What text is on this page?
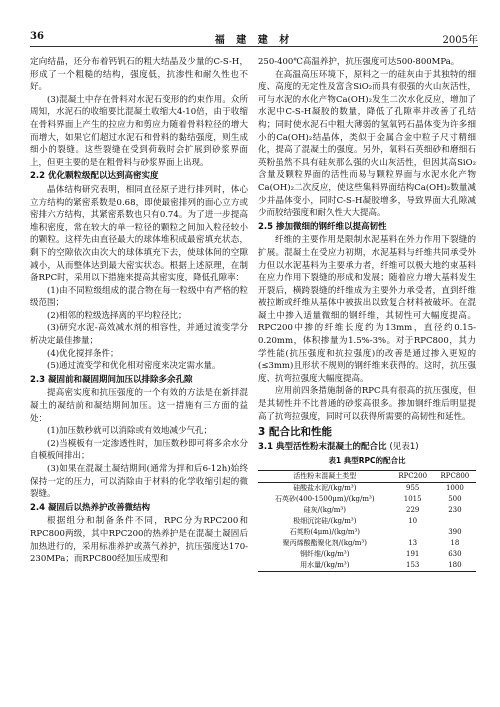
36	福 建 建 材	2005年

定向结晶，还分布着钙钒石的粗大结晶及少量的C-S-H，形成了一个粗糙的结构，强度低，抗渗性和耐久性也不好。

(3)混凝土中存在骨料对水泥石变形的约束作用。众所周知，水泥石的收缩要比混凝土收缩大4-10倍，由于收缩在骨料界面上产生的拉应力和剪应力随着骨料粒径的增大而增大，如果它们超过水泥石和骨料的黏结强度，则生成细小的裂缝。这些裂缝在受到荷载时会扩展到砂浆界面上，但更主要的是在粗骨料与砂浆界面上出现。

2.2 优化颗粒级配以达到高密实度

晶体结构研究表明，相同直径原子进行排列时，体心立方结构的紧密系数是0.68，即使最密排列的面心立方或密排六方结构，其紧密系数也只有0.74。为了进一步提高堆积密度，常在较大的单一粒径的颗粒之间加入粒径较小的颗粒。这样先由直径最大的球体堆积成最密填充状态，剩下的空隙依次由次大的球体填充下去，使球体间的空隙减小，从而整体达到最大密实状态。根据上述原理，在制备RPC时，采用以下措施来提高其密实度，降低孔隙率：

(1)由不同粒级组成的混合物在每一粒级中有严格的粒级范围；

(2)相邻的粒级选择离的平均粒径比；

(3)研究水泥-高效减水剂的相容性，并通过流变学分析决定最佳掺量；

(4)优化搅拌条件；

(5)通过流变学和优化相对密度来决定需水量。

2.3 凝固前和凝固期间加压以排除多余孔隙

提高密实度和抗压强度的一个有效的方法是在新拌混凝土的凝结前和凝结期间加压。这一措施有三方面的益处：

(1)加压数秒就可以消除或有效地减少气孔；

(2)当模板有一定渗透性时，加压数秒即可将多余水分自模板间排出；

(3)如果在混凝土凝结期间(通常为拌和后6-12h)始终保持一定的压力，可以消除由于材料的化学收缩引起的微裂缝。

2.4 凝固后以热养护改善微结构

根据组分和制备条件不同，RPC分为RPC200和RPC800两级，其中RPC200的热养护是在混凝土凝固后加热进行的，采用标准养护或蒸气养护，抗压强度达170-230MPa；而RPC800经加压成型和

250-400℃高温养护，抗压强度可达500-800MPa。

在高温高压环境下，原料之一的硅灰由于其独特的细度、高度的无定性及富含SiO₂而具有很强的火山灰活性，可与水泥的水化产物Ca(OH)₂发生二次水化反应，增加了水泥中C-S-H凝胶的数量，降低了孔隙率并改善了孔结构；同时使水泥石中粗大薄弱的氢氧钙石晶体变为许多细小的Ca(OH)₂结晶体，类似于金属合金中粒子尺寸精细化，提高了混凝土的强度。另外，氧料石英细砂和磨细石英粉虽然不具有硅灰那么强的火山灰活性，但因其高SiO₂含量及颗粒界面的活性而易与颗粒界面与水泥水化产物Ca(OH)₂二次反应，使这些集料界面结构Ca(OH)₂数量减少并晶体变小，同时C-S-H凝胶增多，导致界面大孔隙减少而胶结强度和耐久性大大提高。

2.5 掺加微细的钢纤维以提高韧性

纤维的主要作用是限制水泥基料在外力作用下裂缝的扩展。混凝土在受应力初期，水泥基料与纤维共同承受外力但以水泥基料为主要承力者，纤维可以极大地约束基料在应力作用下裂缝的形成和发展；随着应力增大基料发生开裂后，横跨裂缝的纤维成为主要外力承受者，直到纤维被拉断或纤维从基体中被拔出以致复合材料被破坏。在混凝土中掺入适量微细的钢纤维，其韧性可大幅度提高。RPC200中掺的纤维长度约为13mm，直径约0.15-0.20mm，体积掺量为1.5%-3%。对于RPC800，其力学性能(抗压强度和抗拉强度)的改善是通过掺入更短的(≤3mm)且形状不规则的钢纤维来获得的。这时，抗压强度、抗弯拉强度大幅度提高。

应用前四条措施制备的RPC具有很高的抗压强度，但是其韧性并不比普通的砂浆高很多。掺加钢纤维后明显提高了抗弯拉强度，同时可以获得所需要的高韧性和延性。

3 配合比和性能
3.1 典型活性粉末混凝土的配合比 (见表1)
表1 典型RPC的配合比
活性粉末混凝土类型	RPC200	RPC800
硅酸盐水泥/(kg/m³)	955	1000
石英砂(400-1500μm)/(kg/m³)	1015	500
硅灰/(kg/m³)	229	230
极细沉淀硅/(kg/m³)	10	
石英粉(4μm)/(kg/m³)		390
聚丙烯酸酯聚化剂/(kg/m³)	13	18
钢纤维/(kg/m³)	191	630
用水量/(kg/m³)	153	180
